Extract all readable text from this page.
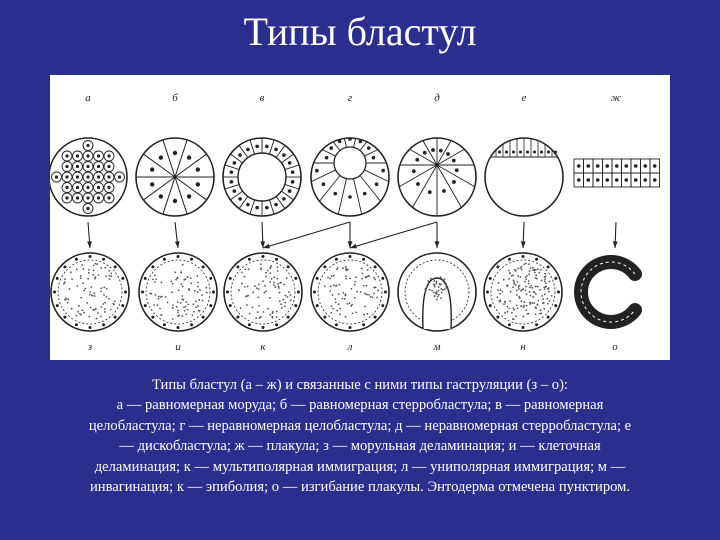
Типы бластул
а	б	в	г	д	е	ж
з	и	к	л	м	н	о
Типы бластул (а – ж) и связанные с ними типы гаструляции (з – о):
а — равномерная моруда; б — равномерная стерробластула; в — равномерная
целобластула; г — неравномерная целобластула; д — неравномерная стерробластула; е
— дискобластула; ж — плакула; з — морульная деламинация; и — клеточная
деламинация; к — мультиполярная иммиграция; л — униполярная иммиграция; м —
инвагинация; к — эпиболия; о — изгибание плакулы. Энтодерма отмечена пунктиром.
